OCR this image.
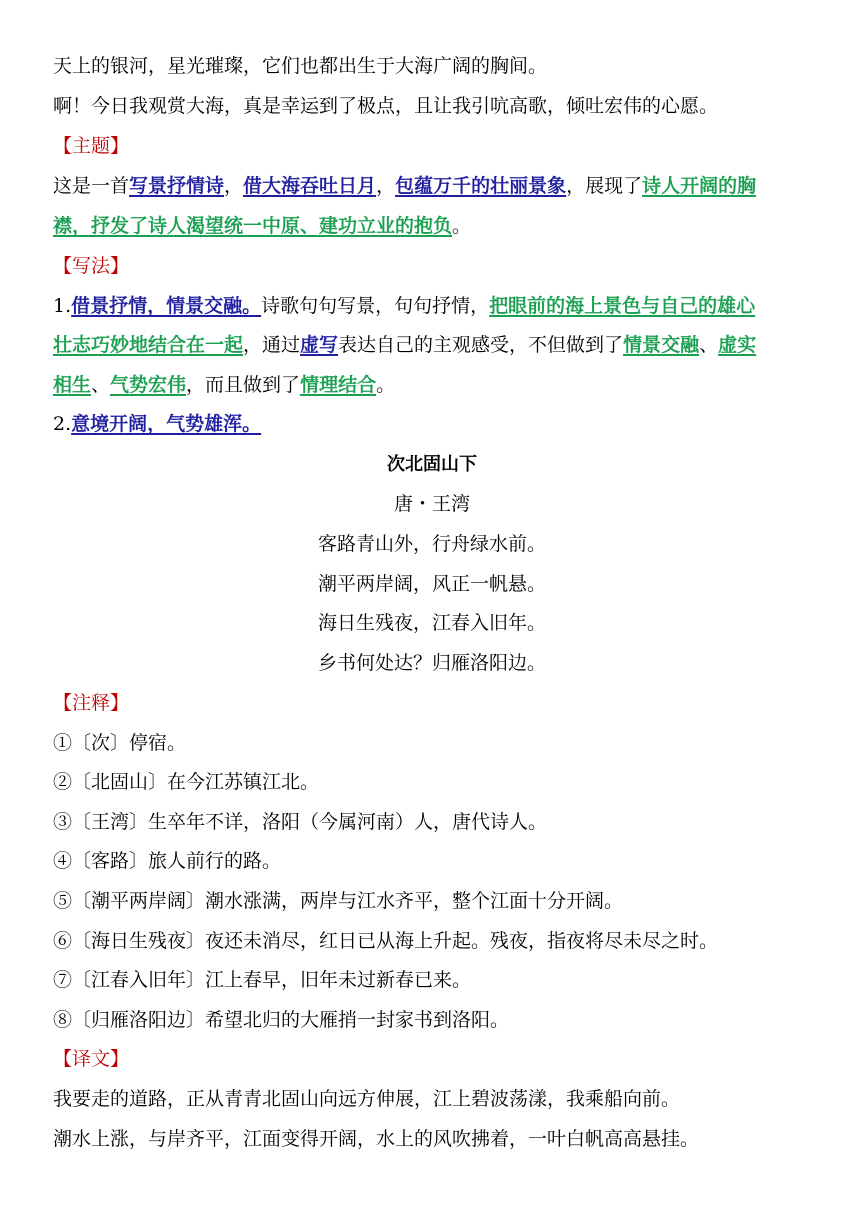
天上的银河，星光璀璨，它们也都出生于大海广阔的胸间。
啊！今日我观赏大海，真是幸运到了极点，且让我引吭高歌，倾吐宏伟的心愿。
【主题】
这是一首写景抒情诗，借大海吞吐日月，包蕴万千的壮丽景象，展现了诗人开阔的胸
襟，抒发了诗人渴望统一中原、建功立业的抱负。
【写法】
1.借景抒情，情景交融。诗歌句句写景，句句抒情，把眼前的海上景色与自己的雄心
壮志巧妙地结合在一起，通过虚写表达自己的主观感受，不但做到了情景交融、虚实
相生、气势宏伟，而且做到了情理结合。
2.意境开阔，气势雄浑。
次北固山下
唐・王湾
客路青山外，行舟绿水前。
潮平两岸阔，风正一帆悬。
海日生残夜，江春入旧年。
乡书何处达？归雁洛阳边。
【注释】
①〔次〕停宿。
②〔北固山〕在今江苏镇江北。
③〔王湾〕生卒年不详，洛阳（今属河南）人，唐代诗人。
④〔客路〕旅人前行的路。
⑤〔潮平两岸阔〕潮水涨满，两岸与江水齐平，整个江面十分开阔。
⑥〔海日生残夜〕夜还未消尽，红日已从海上升起。残夜，指夜将尽未尽之时。
⑦〔江春入旧年〕江上春早，旧年未过新春已来。
⑧〔归雁洛阳边〕希望北归的大雁捎一封家书到洛阳。
【译文】
我要走的道路，正从青青北固山向远方伸展，江上碧波荡漾，我乘船向前。
潮水上涨，与岸齐平，江面变得开阔，水上的风吹拂着，一叶白帆高高悬挂。
